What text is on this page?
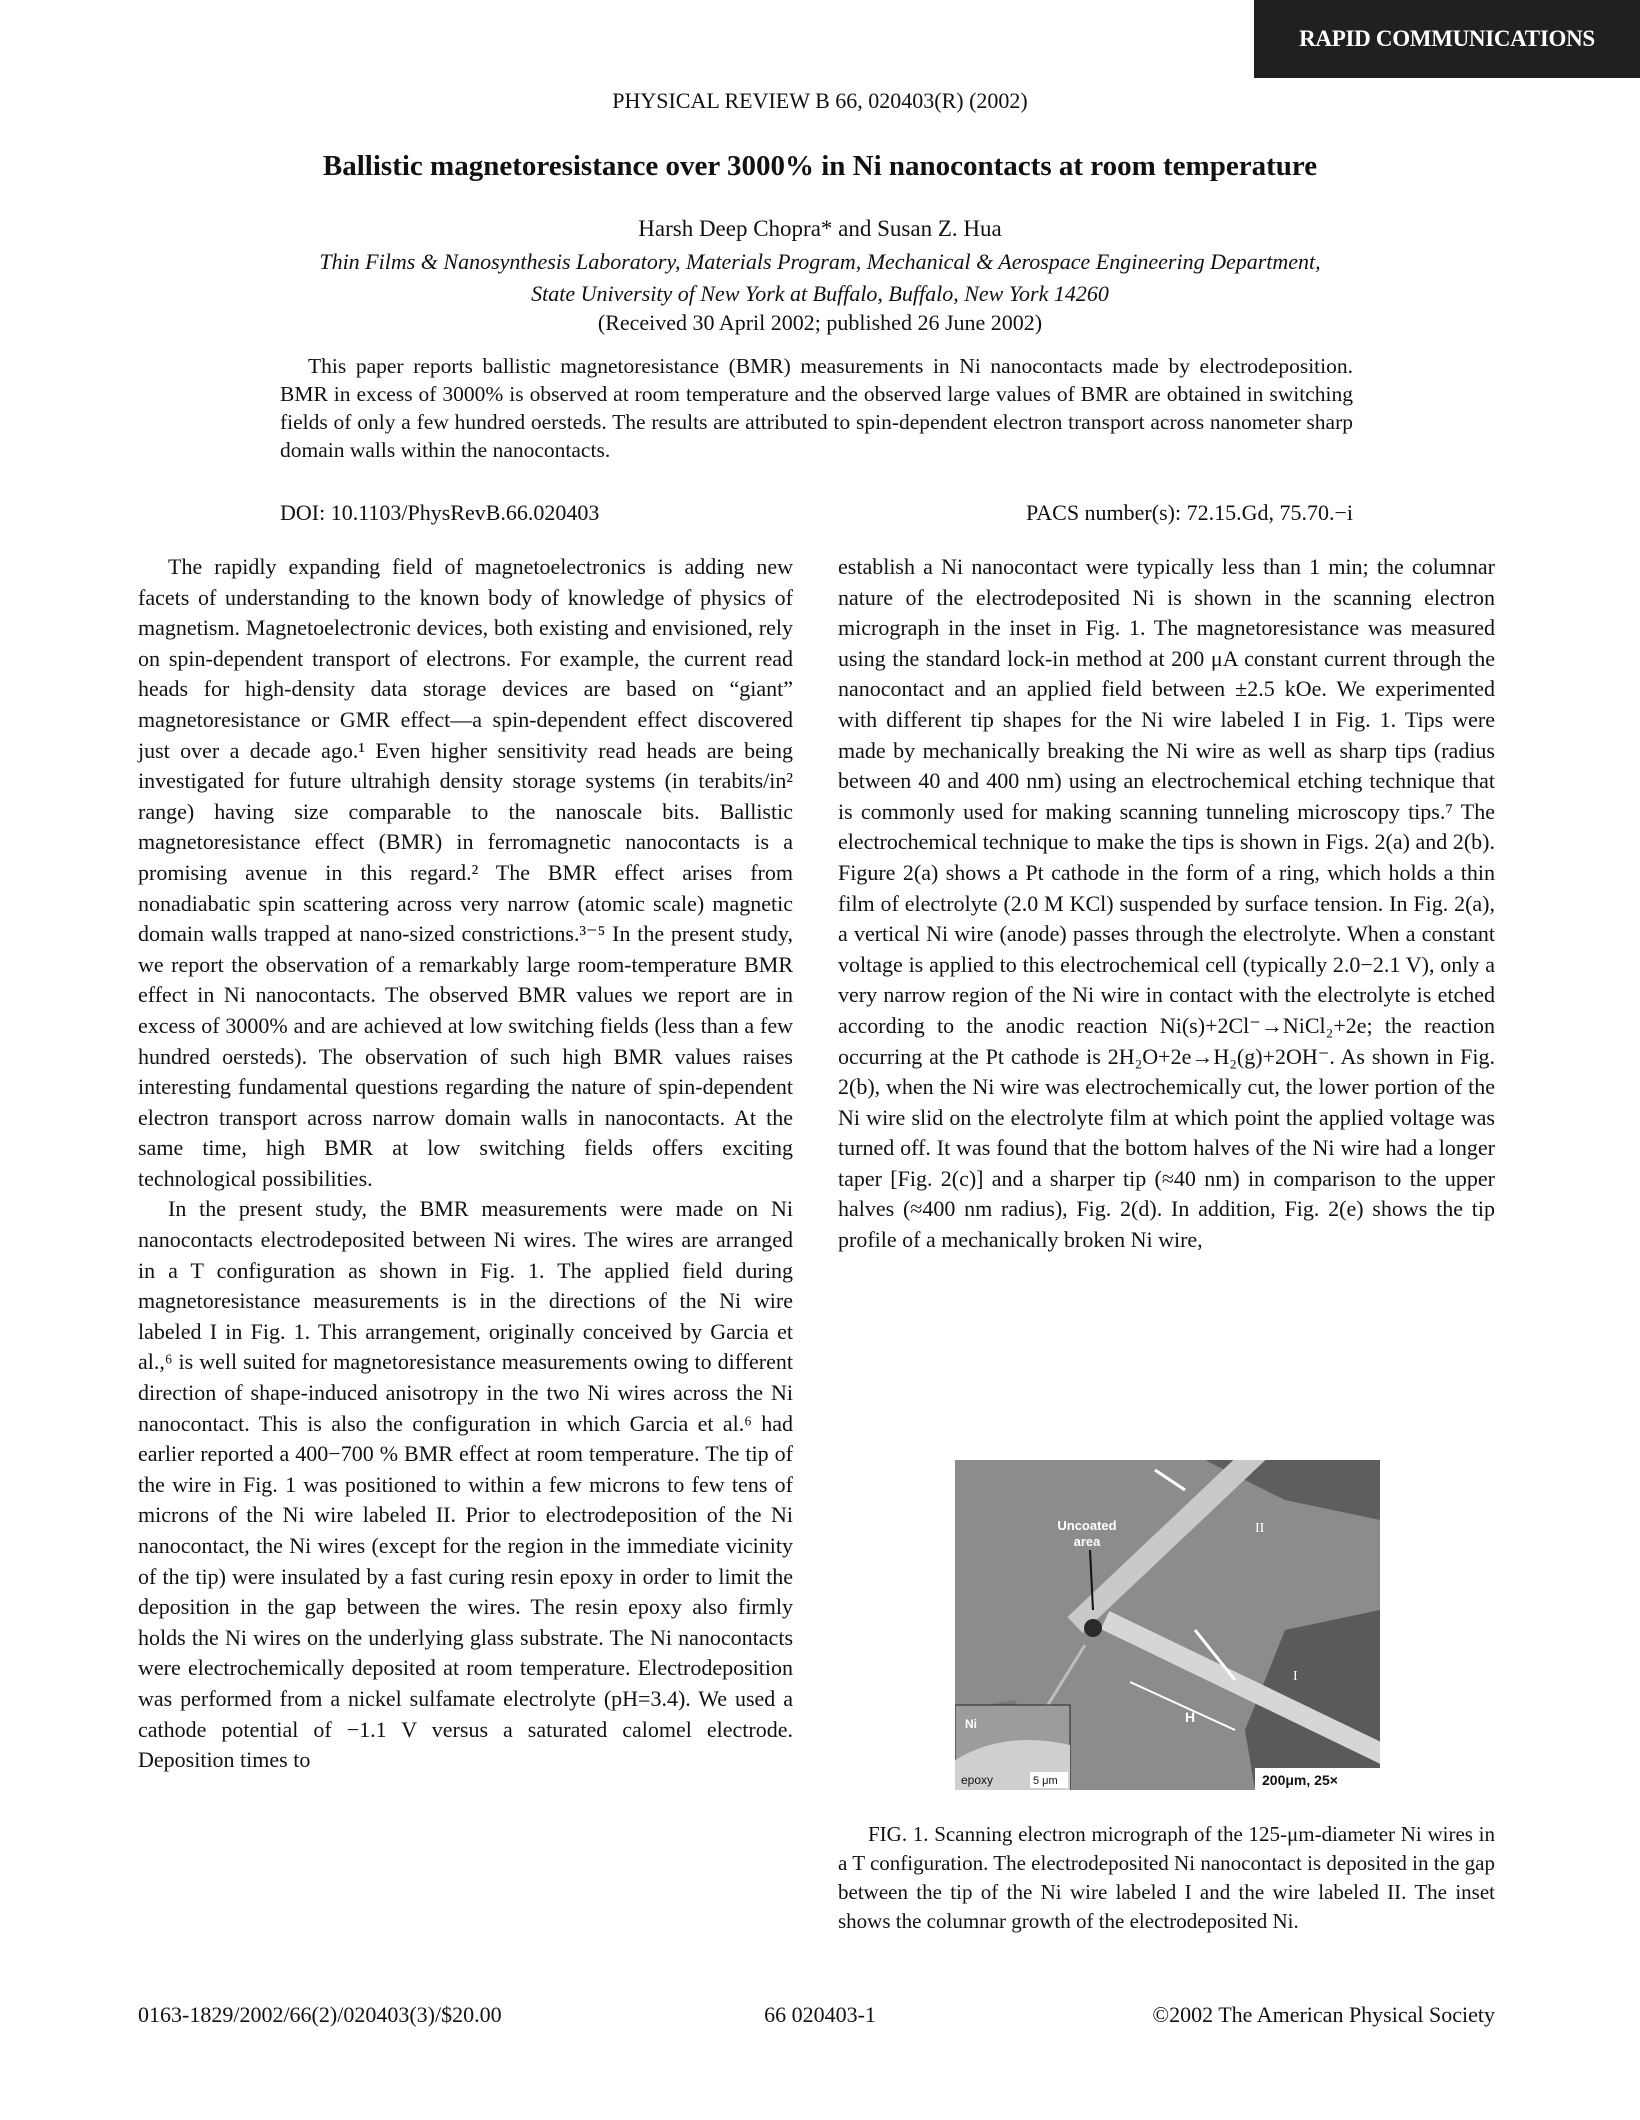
RAPID COMMUNICATIONS
PHYSICAL REVIEW B 66, 020403(R) (2002)
Ballistic magnetoresistance over 3000% in Ni nanocontacts at room temperature
Harsh Deep Chopra* and Susan Z. Hua
Thin Films & Nanosynthesis Laboratory, Materials Program, Mechanical & Aerospace Engineering Department,
State University of New York at Buffalo, Buffalo, New York 14260
(Received 30 April 2002; published 26 June 2002)
This paper reports ballistic magnetoresistance (BMR) measurements in Ni nanocontacts made by electrodeposition. BMR in excess of 3000% is observed at room temperature and the observed large values of BMR are obtained in switching fields of only a few hundred oersteds. The results are attributed to spin-dependent electron transport across nanometer sharp domain walls within the nanocontacts.
DOI: 10.1103/PhysRevB.66.020403	PACS number(s): 72.15.Gd, 75.70.−i

The rapidly expanding field of magnetoelectronics is adding new facets of understanding to the known body of knowledge of physics of magnetism. Magnetoelectronic devices, both existing and envisioned, rely on spin-dependent transport of electrons. For example, the current read heads for high-density data storage devices are based on “giant” magnetoresistance or GMR effect—a spin-dependent effect discovered just over a decade ago.¹ Even higher sensitivity read heads are being investigated for future ultrahigh density storage systems (in terabits/in² range) having size comparable to the nanoscale bits. Ballistic magnetoresistance effect (BMR) in ferromagnetic nanocontacts is a promising avenue in this regard.² The BMR effect arises from nonadiabatic spin scattering across very narrow (atomic scale) magnetic domain walls trapped at nano-sized constrictions.³⁻⁵ In the present study, we report the observation of a remarkably large room-temperature BMR effect in Ni nanocontacts. The observed BMR values we report are in excess of 3000% and are achieved at low switching fields (less than a few hundred oersteds). The observation of such high BMR values raises interesting fundamental questions regarding the nature of spin-dependent electron transport across narrow domain walls in nanocontacts. At the same time, high BMR at low switching fields offers exciting technological possibilities.

In the present study, the BMR measurements were made on Ni nanocontacts electrodeposited between Ni wires. The wires are arranged in a T configuration as shown in Fig. 1. The applied field during magnetoresistance measurements is in the directions of the Ni wire labeled I in Fig. 1. This arrangement, originally conceived by Garcia et al.,⁶ is well suited for magnetoresistance measurements owing to different direction of shape-induced anisotropy in the two Ni wires across the Ni nanocontact. This is also the configuration in which Garcia et al.⁶ had earlier reported a 400−700 % BMR effect at room temperature. The tip of the wire in Fig. 1 was positioned to within a few microns to few tens of microns of the Ni wire labeled II. Prior to electrodeposition of the Ni nanocontact, the Ni wires (except for the region in the immediate vicinity of the tip) were insulated by a fast curing resin epoxy in order to limit the deposition in the gap between the wires. The resin epoxy also firmly holds the Ni wires on the underlying glass substrate. The Ni nanocontacts were electrochemically deposited at room temperature. Electrodeposition was performed from a nickel sulfamate electrolyte (pH=3.4). We used a cathode potential of −1.1 V versus a saturated calomel electrode. Deposition times to

establish a Ni nanocontact were typically less than 1 min; the columnar nature of the electrodeposited Ni is shown in the scanning electron micrograph in the inset in Fig. 1. The magnetoresistance was measured using the standard lock-in method at 200 μA constant current through the nanocontact and an applied field between ±2.5 kOe. We experimented with different tip shapes for the Ni wire labeled I in Fig. 1. Tips were made by mechanically breaking the Ni wire as well as sharp tips (radius between 40 and 400 nm) using an electrochemical etching technique that is commonly used for making scanning tunneling microscopy tips.⁷ The electrochemical technique to make the tips is shown in Figs. 2(a) and 2(b). Figure 2(a) shows a Pt cathode in the form of a ring, which holds a thin film of electrolyte (2.0 M KCl) suspended by surface tension. In Fig. 2(a), a vertical Ni wire (anode) passes through the electrolyte. When a constant voltage is applied to this electrochemical cell (typically 2.0−2.1 V), only a very narrow region of the Ni wire in contact with the electrolyte is etched according to the anodic reaction Ni(s)+2Cl⁻→NiCl₂+2e; the reaction occurring at the Pt cathode is 2H₂O+2e→H₂(g)+2OH⁻. As shown in Fig. 2(b), when the Ni wire was electrochemically cut, the lower portion of the Ni wire slid on the electrolyte film at which point the applied voltage was turned off. It was found that the bottom halves of the Ni wire had a longer taper [Fig. 2(c)] and a sharper tip (≈40 nm) in comparison to the upper halves (≈400 nm radius), Fig. 2(d). In addition, Fig. 2(e) shows the tip profile of a mechanically broken Ni wire,

Uncoated
area
II
I
H
Ni
epoxy	5 μm	200μm, 25×
FIG. 1. Scanning electron micrograph of the 125-μm-diameter Ni wires in a T configuration. The electrodeposited Ni nanocontact is deposited in the gap between the tip of the Ni wire labeled I and the wire labeled II. The inset shows the columnar growth of the electrodeposited Ni.
0163-1829/2002/66(2)/020403(3)/$20.00	66 020403-1	©2002 The American Physical Society
